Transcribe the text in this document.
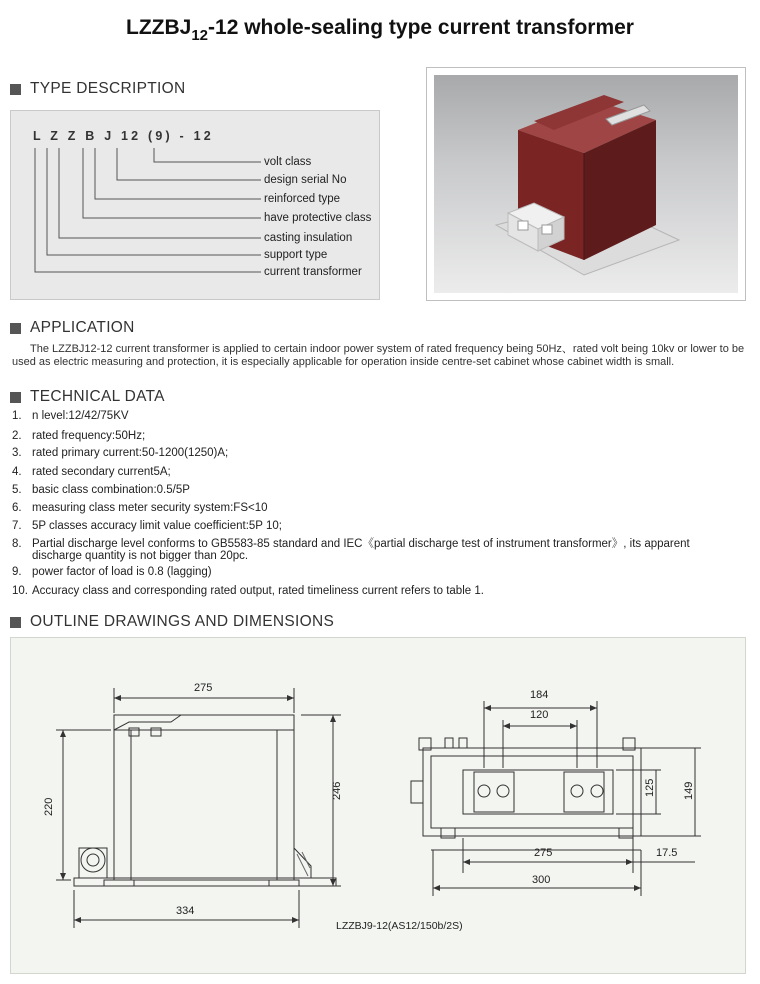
$LZZBJ_{12}-12$ whole-sealing type current transformer
TYPE DESCRIPTION
L Z Z B J 12 (9) - 12
volt class
design serial No
reinforced type
have protective class
casting insulation
support type
current transformer
APPLICATION
The LZZBJ12-12 current transformer is applied to certain indoor power system of rated frequency being 50Hz、rated volt being 10kv or lower to be used as electric measuring and protection, it is especially applicable for operation inside centre-set cabinet whose cabinet width is small.
TECHNICAL DATA
1. n level:12/42/75KV
2. rated frequency:50Hz;
3. rated primary current:50-1200(1250)A;
4. rated secondary current5A;
5. basic class combination:0.5/5P
6. measuring class meter security system:FS<10
7. 5P classes accuracy limit value coefficient:5P 10;
8. Partial discharge level conforms to GB5583-85 standard and IEC《partial discharge test of instrument transformer》, its apparent discharge quantity is not bigger than 20pc.
9. power factor of load is 0.8 (lagging)
10. Accuracy class and corresponding rated output, rated timeliness current refers to table 1.
OUTLINE DRAWINGS AND DIMENSIONS
275
246
220
334
184
120
125 149
275	17.5
300
LZZBJ9-12(AS12/150b/2S)
